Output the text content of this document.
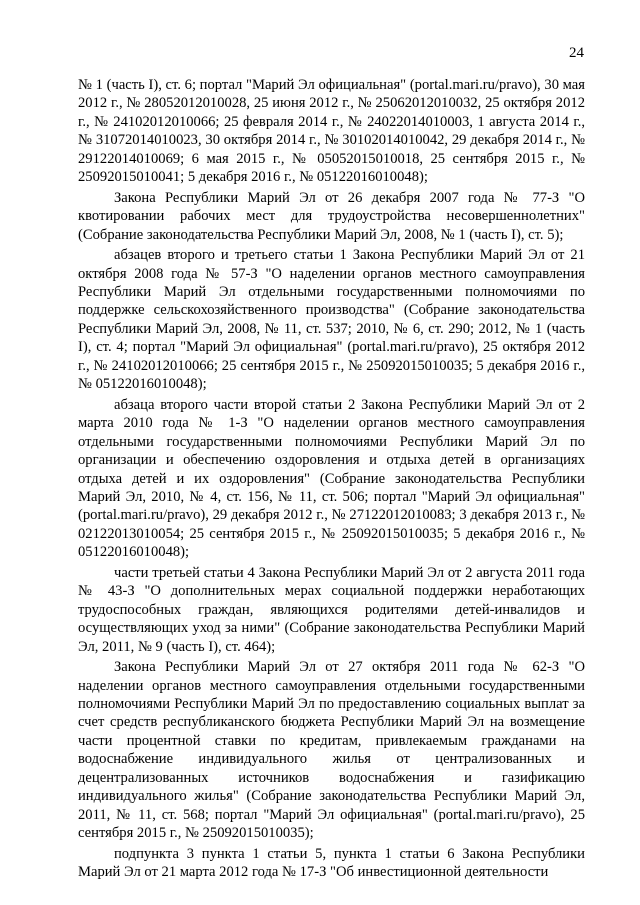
24

№ 1 (часть I), ст. 6; портал "Марий Эл официальная" (portal.mari.ru/pravo), 30 мая 2012 г., № 28052012010028, 25 июня 2012 г., № 25062012010032, 25 октября 2012 г., № 24102012010066; 25 февраля 2014 г., № 24022014010003, 1 августа 2014 г., № 31072014010023, 30 октября 2014 г., № 30102014010042, 29 декабря 2014 г., № 29122014010069; 6 мая 2015 г., № 05052015010018, 25 сентября 2015 г., № 25092015010041; 5 декабря 2016 г., № 05122016010048);

Закона Республики Марий Эл от 26 декабря 2007 года № 77-З "О квотировании рабочих мест для трудоустройства несовершеннолетних" (Собрание законодательства Республики Марий Эл, 2008, № 1 (часть I), ст. 5);

абзацев второго и третьего статьи 1 Закона Республики Марий Эл от 21 октября 2008 года № 57-З "О наделении органов местного самоуправления Республики Марий Эл отдельными государственными полномочиями по поддержке сельскохозяйственного производства" (Собрание законодательства Республики Марий Эл, 2008, № 11, ст. 537; 2010, № 6, ст. 290; 2012, № 1 (часть I), ст. 4; портал "Марий Эл официальная" (portal.mari.ru/pravo), 25 октября 2012 г., № 24102012010066; 25 сентября 2015 г., № 25092015010035; 5 декабря 2016 г., № 05122016010048);

абзаца второго части второй статьи 2 Закона Республики Марий Эл от 2 марта 2010 года № 1-З "О наделении органов местного самоуправления отдельными государственными полномочиями Республики Марий Эл по организации и обеспечению оздоровления и отдыха детей в организациях отдыха детей и их оздоровления" (Собрание законодательства Республики Марий Эл, 2010, № 4, ст. 156, № 11, ст. 506; портал "Марий Эл официальная" (portal.mari.ru/pravo), 29 декабря 2012 г., № 27122012010083; 3 декабря 2013 г., № 02122013010054; 25 сентября 2015 г., № 25092015010035; 5 декабря 2016 г., № 05122016010048);

части третьей статьи 4 Закона Республики Марий Эл от 2 августа 2011 года № 43-З "О дополнительных мерах социальной поддержки неработающих трудоспособных граждан, являющихся родителями детей-инвалидов и осуществляющих уход за ними" (Собрание законодательства Республики Марий Эл, 2011, № 9 (часть I), ст. 464);

Закона Республики Марий Эл от 27 октября 2011 года № 62-З "О наделении органов местного самоуправления отдельными государственными полномочиями Республики Марий Эл по предоставлению социальных выплат за счет средств республиканского бюджета Республики Марий Эл на возмещение части процентной ставки по кредитам, привлекаемым гражданами на водоснабжение индивидуального жилья от централизованных и децентрализованных источников водоснабжения и газификацию индивидуального жилья" (Собрание законодательства Республики Марий Эл, 2011, № 11, ст. 568; портал "Марий Эл официальная" (portal.mari.ru/pravo), 25 сентября 2015 г., № 25092015010035);

подпункта 3 пункта 1 статьи 5, пункта 1 статьи 6 Закона Республики Марий Эл от 21 марта 2012 года № 17-З "Об инвестиционной деятельности
